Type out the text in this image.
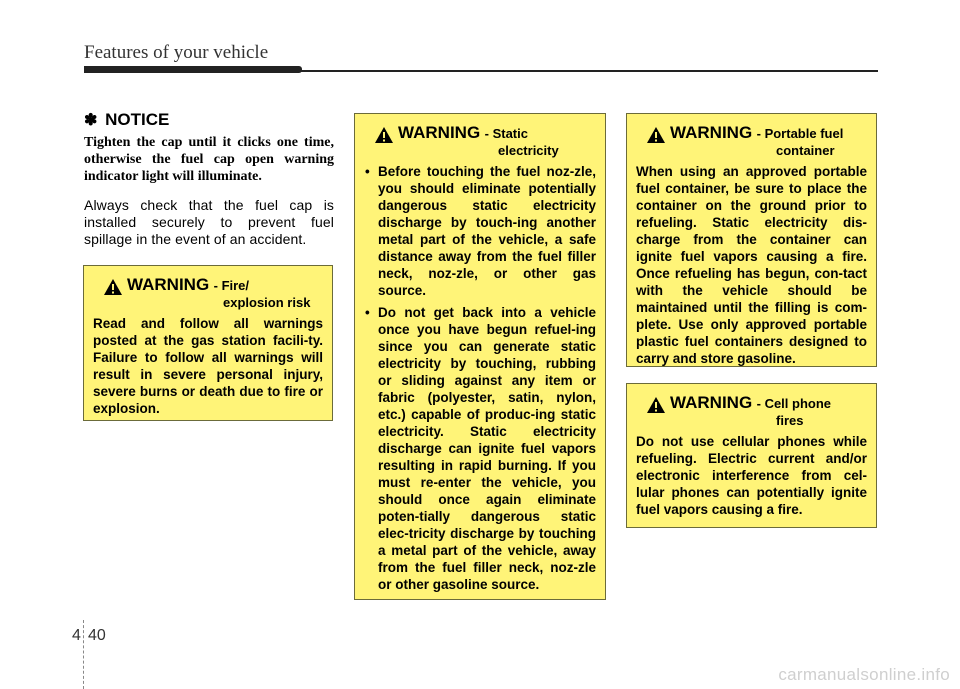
Features of your vehicle
✽ NOTICE

Tighten the cap until it clicks one time, otherwise the fuel cap open warning indicator light will illuminate.

Always check that the fuel cap is installed securely to prevent fuel spillage in the event of an accident.

WARNING - Fire/
explosion risk

Read and follow all warnings posted at the gas station facili-ty. Failure to follow all warnings will result in severe personal injury, severe burns or death due to fire or explosion.

WARNING - Static
electricity
• Before touching the fuel noz-zle, you should eliminate potentially dangerous static electricity discharge by touch-ing another metal part of the vehicle, a safe distance away from the fuel filler neck, noz-zle, or other gas source.
• Do not get back into a vehicle once you have begun refuel-ing since you can generate static electricity by touching, rubbing or sliding against any item or fabric (polyester, satin, nylon, etc.) capable of produc-ing static electricity. Static electricity discharge can ignite fuel vapors resulting in rapid burning. If you must re-enter the vehicle, you should once again eliminate poten-tially dangerous static elec-tricity discharge by touching a metal part of the vehicle, away from the fuel filler neck, noz-zle or other gasoline source.
WARNING - Portable fuel
container

When using an approved portable fuel container, be sure to place the container on the ground prior to refueling. Static electricity dis-charge from the container can ignite fuel vapors causing a fire. Once refueling has begun, con-tact with the vehicle should be maintained until the filling is com-plete. Use only approved portable plastic fuel containers designed to carry and store gasoline.

WARNING - Cell phone
fires

Do not use cellular phones while refueling. Electric current and/or electronic interference from cel-lular phones can potentially ignite fuel vapors causing a fire.

4 40
carmanualsonline.info
